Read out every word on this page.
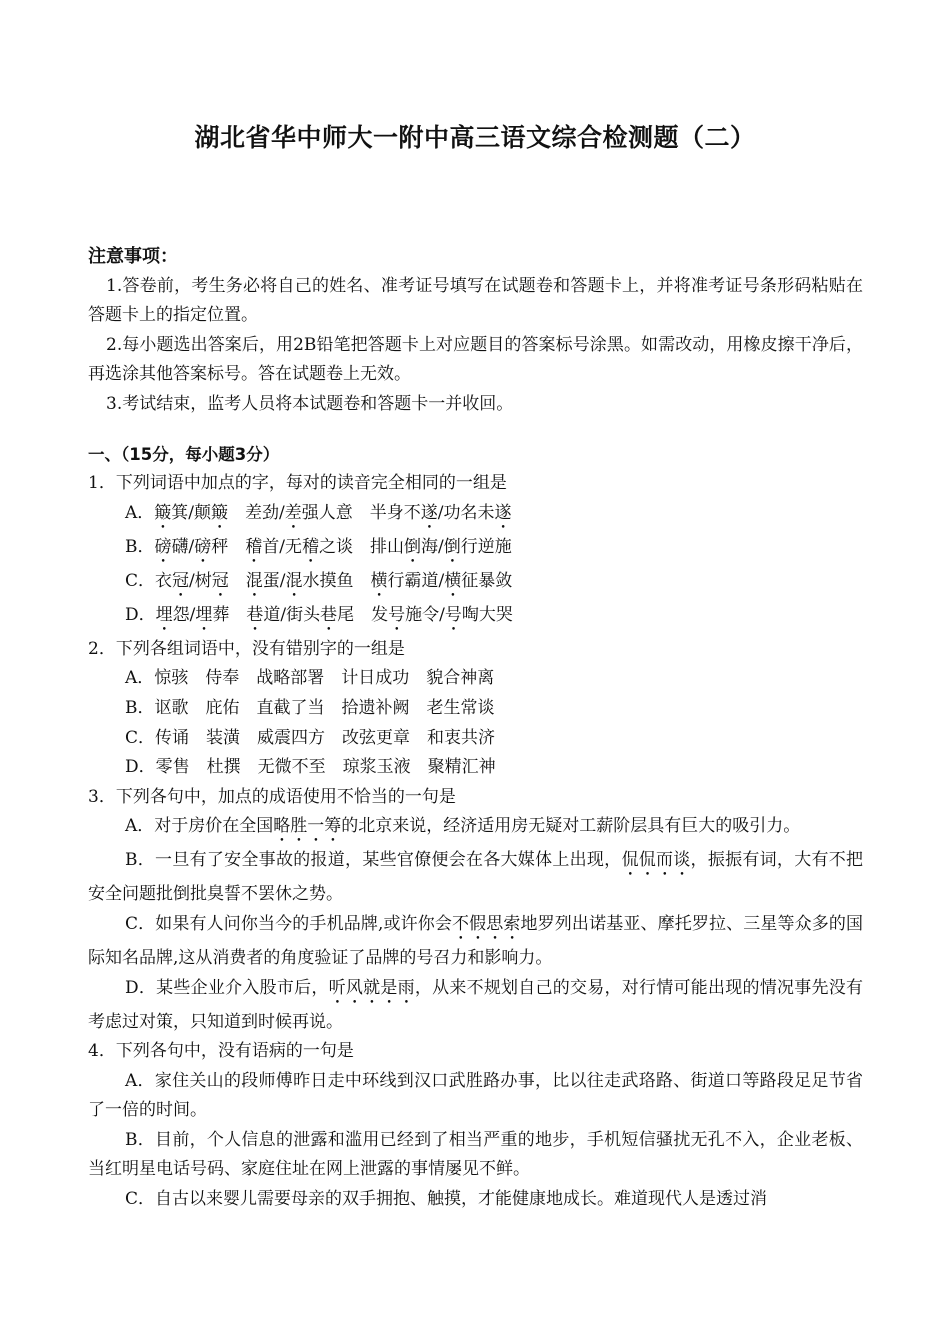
湖北省华中师大一附中高三语文综合检测题（二）

注意事项：

1.答卷前，考生务必将自己的姓名、准考证号填写在试题卷和答题卡上，并将准考证号条形码粘贴在答题卡上的指定位置。

2.每小题选出答案后，用2B铅笔把答题卡上对应题目的答案标号涂黑。如需改动，用橡皮擦干净后，再选涂其他答案标号。答在试题卷上无效。

3.考试结束，监考人员将本试题卷和答题卡一并收回。

一、（15分，每小题3分）

1．下列词语中加点的字，每对的读音完全相同的一组是

A．簸箕/颠簸　差劲/差强人意　半身不遂/功名未遂

B．磅礴/磅秤　稽首/无稽之谈　排山倒海/倒行逆施

C．衣冠/树冠　 混蛋/混水摸鱼　横行霸道/横征暴敛

D．埋怨/埋葬　巷道/街头巷尾　发号施令/号啕大哭

2．下列各组词语中，没有错别字的一组是

A．惊骇　侍奉　战略部署　计日成功　貌合神离

B．讴歌　庇佑　直截了当　拾遗补阙　老生常谈

C．传诵　装潢　威震四方　改弦更章　和衷共济

D．零售　杜撰　无微不至　琼浆玉液　聚精汇神

3．下列各句中，加点的成语使用不恰当的一句是

A．对于房价在全国略胜一筹的北京来说，经济适用房无疑对工薪阶层具有巨大的吸引力。

B．一旦有了安全事故的报道，某些官僚便会在各大媒体上出现，侃侃而谈，振振有词，大有不把安全问题批倒批臭誓不罢休之势。

C．如果有人问你当今的手机品牌,或许你会不假思索地罗列出诺基亚、摩托罗拉、三星等众多的国际知名品牌,这从消费者的角度验证了品牌的号召力和影响力。

D．某些企业介入股市后，听风就是雨，从来不规划自己的交易，对行情可能出现的情况事先没有考虑过对策，只知道到时候再说。

4．下列各句中，没有语病的一句是

A．家住关山的段师傅昨日走中环线到汉口武胜路办事，比以往走武珞路、街道口等路段足足节省了一倍的时间。

B．目前，个人信息的泄露和滥用已经到了相当严重的地步，手机短信骚扰无孔不入，企业老板、当红明星电话号码、家庭住址在网上泄露的事情屡见不鲜。

C．自古以来婴儿需要母亲的双手拥抱、触摸，才能健康地成长。难道现代人是透过消
